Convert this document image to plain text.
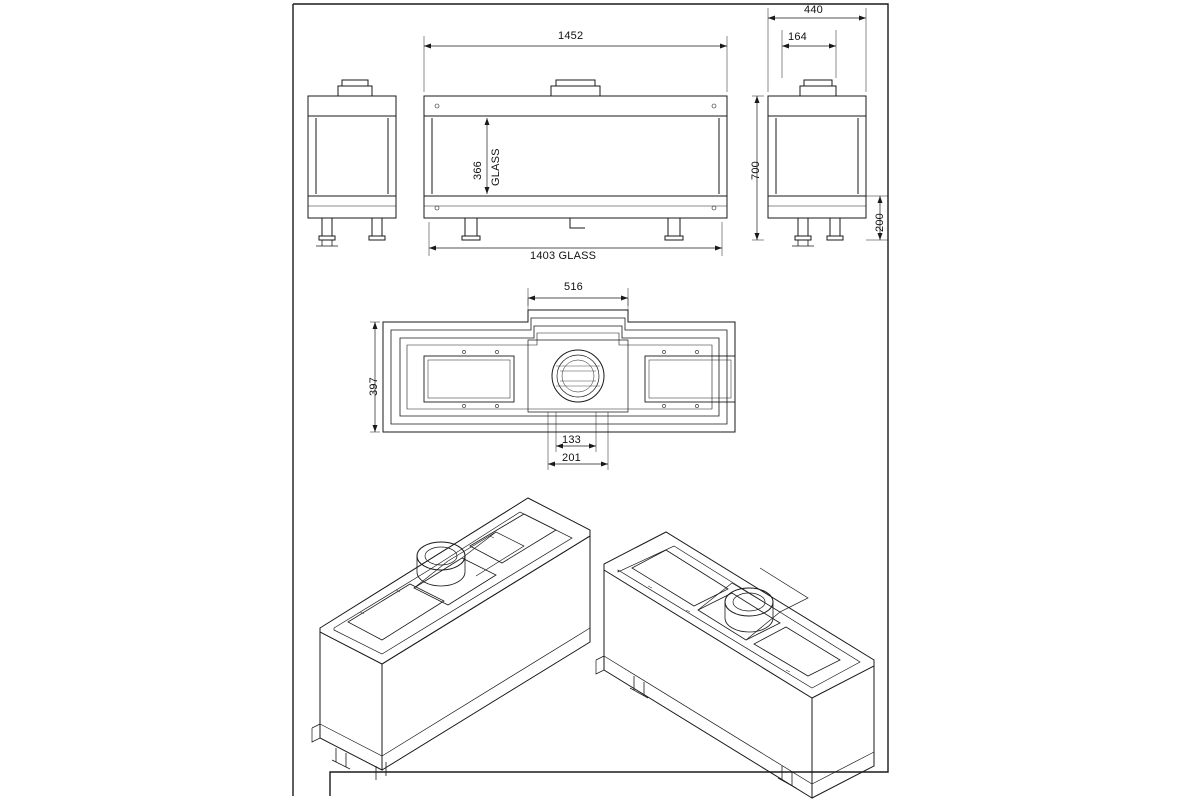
1452
366 GLASS
1403 GLASS
440
164
700
200
516
397
133
201
